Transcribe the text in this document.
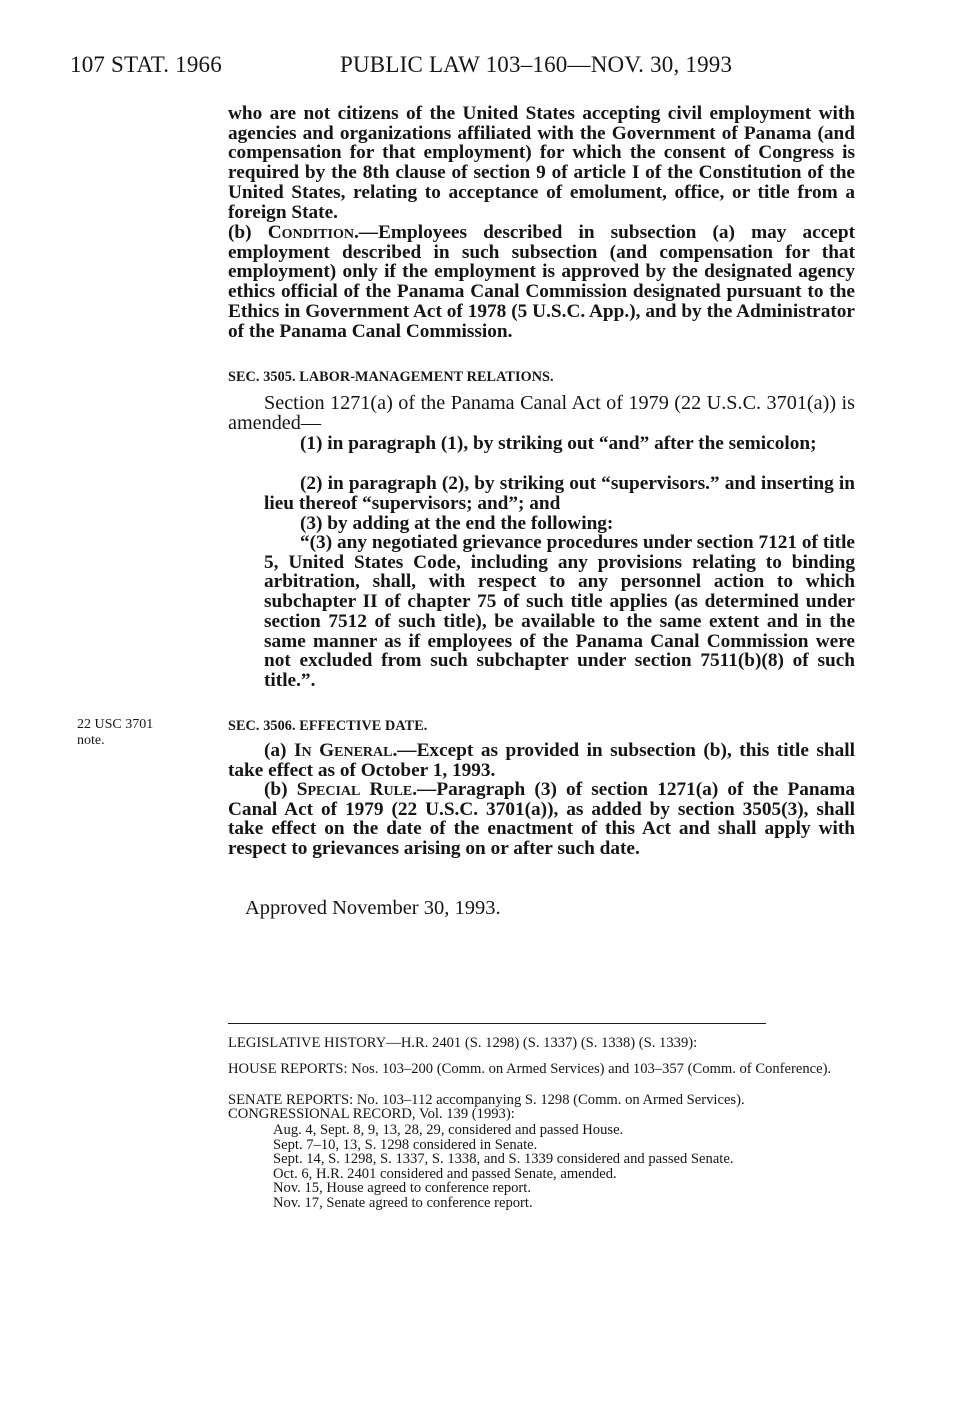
107 STAT. 1966	PUBLIC LAW 103–160—NOV. 30, 1993

who are not citizens of the United States accepting civil employment with agencies and organizations affiliated with the Government of Panama (and compensation for that employment) for which the consent of Congress is required by the 8th clause of section 9 of article I of the Constitution of the United States, relating to acceptance of emolument, office, or title from a foreign State.

(b) Condition.—Employees described in subsection (a) may accept employment described in such subsection (and compensation for that employment) only if the employment is approved by the designated agency ethics official of the Panama Canal Commission designated pursuant to the Ethics in Government Act of 1978 (5 U.S.C. App.), and by the Administrator of the Panama Canal Commission.

SEC. 3505. LABOR-MANAGEMENT RELATIONS.

Section 1271(a) of the Panama Canal Act of 1979 (22 U.S.C. 3701(a)) is amended—

(1) in paragraph (1), by striking out “and” after the semicolon;

(2) in paragraph (2), by striking out “supervisors.” and inserting in lieu thereof “supervisors; and”; and

(3) by adding at the end the following:

“(3) any negotiated grievance procedures under section 7121 of title 5, United States Code, including any provisions relating to binding arbitration, shall, with respect to any personnel action to which subchapter II of chapter 75 of such title applies (as determined under section 7512 of such title), be available to the same extent and in the same manner as if employees of the Panama Canal Commission were not excluded from such subchapter under section 7511(b)(8) of such title.”.

22 USC 3701
note.
SEC. 3506. EFFECTIVE DATE.

(a) In General.—Except as provided in subsection (b), this title shall take effect as of October 1, 1993.

(b) Special Rule.—Paragraph (3) of section 1271(a) of the Panama Canal Act of 1979 (22 U.S.C. 3701(a)), as added by section 3505(3), shall take effect on the date of the enactment of this Act and shall apply with respect to grievances arising on or after such date.

Approved November 30, 1993.
LEGISLATIVE HISTORY—H.R. 2401 (S. 1298) (S. 1337) (S. 1338) (S. 1339):
HOUSE REPORTS: Nos. 103–200 (Comm. on Armed Services) and 103–357 (Comm. of Conference).
SENATE REPORTS: No. 103–112 accompanying S. 1298 (Comm. on Armed Services).
CONGRESSIONAL RECORD, Vol. 139 (1993):
Aug. 4, Sept. 8, 9, 13, 28, 29, considered and passed House.
Sept. 7–10, 13, S. 1298 considered in Senate.
Sept. 14, S. 1298, S. 1337, S. 1338, and S. 1339 considered and passed Senate.
Oct. 6, H.R. 2401 considered and passed Senate, amended.
Nov. 15, House agreed to conference report.
Nov. 17, Senate agreed to conference report.
